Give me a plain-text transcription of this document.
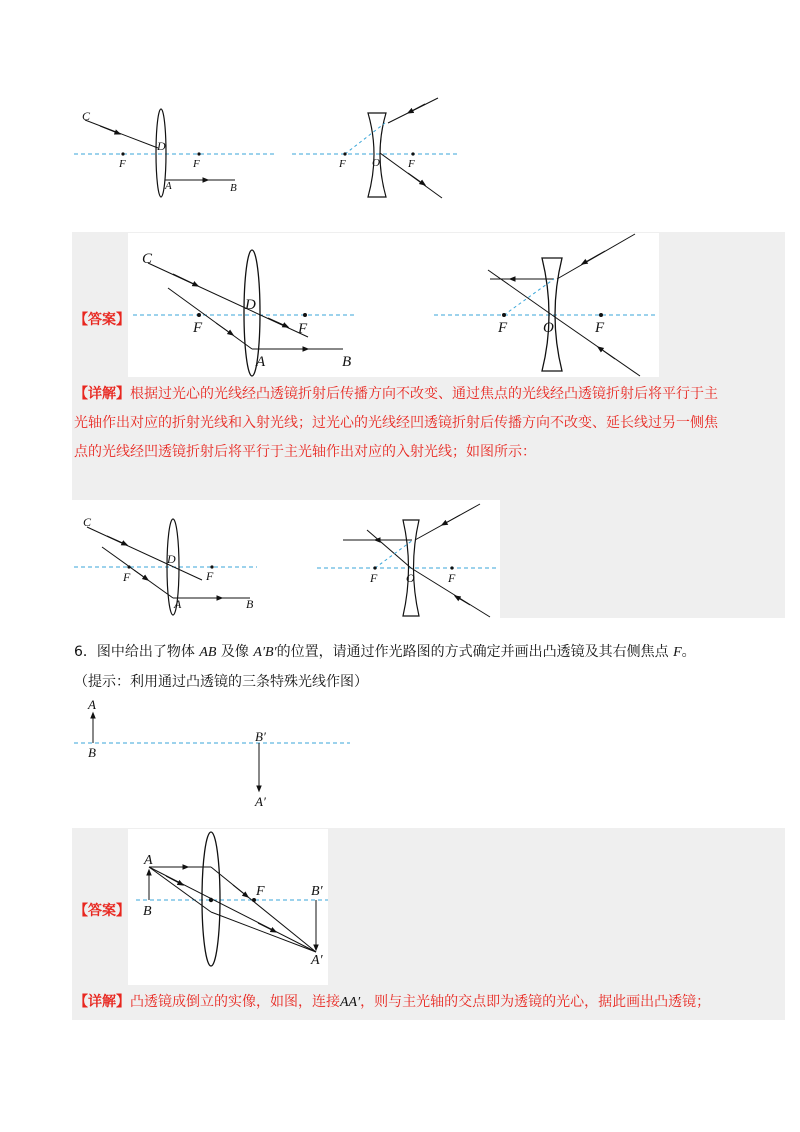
C
D
F	F
A	B
F O	F
【答案】
C
D
F	F
A	B
F O	F
【详解】根据过光心的光线经凸透镜折射后传播方向不改变、通过焦点的光线经凸透镜折射后将平行于主
光轴作出对应的折射光线和入射光线；过光心的光线经凹透镜折射后传播方向不改变、延长线过另一侧焦
点的光线经凹透镜折射后将平行于主光轴作出对应的入射光线；如图所示：
C
D
F	F
A	B
F O	F
6．图中给出了物体 AB 及像 A′B′的位置，请通过作光路图的方式确定并画出凸透镜及其右侧焦点 F。
（提示：利用通过凸透镜的三条特殊光线作图）
A
B
B′
A′
【答案】
A
B
F	B′
A′
【详解】凸透镜成倒立的实像，如图，连接AA′，则与主光轴的交点即为透镜的光心，据此画出凸透镜；
